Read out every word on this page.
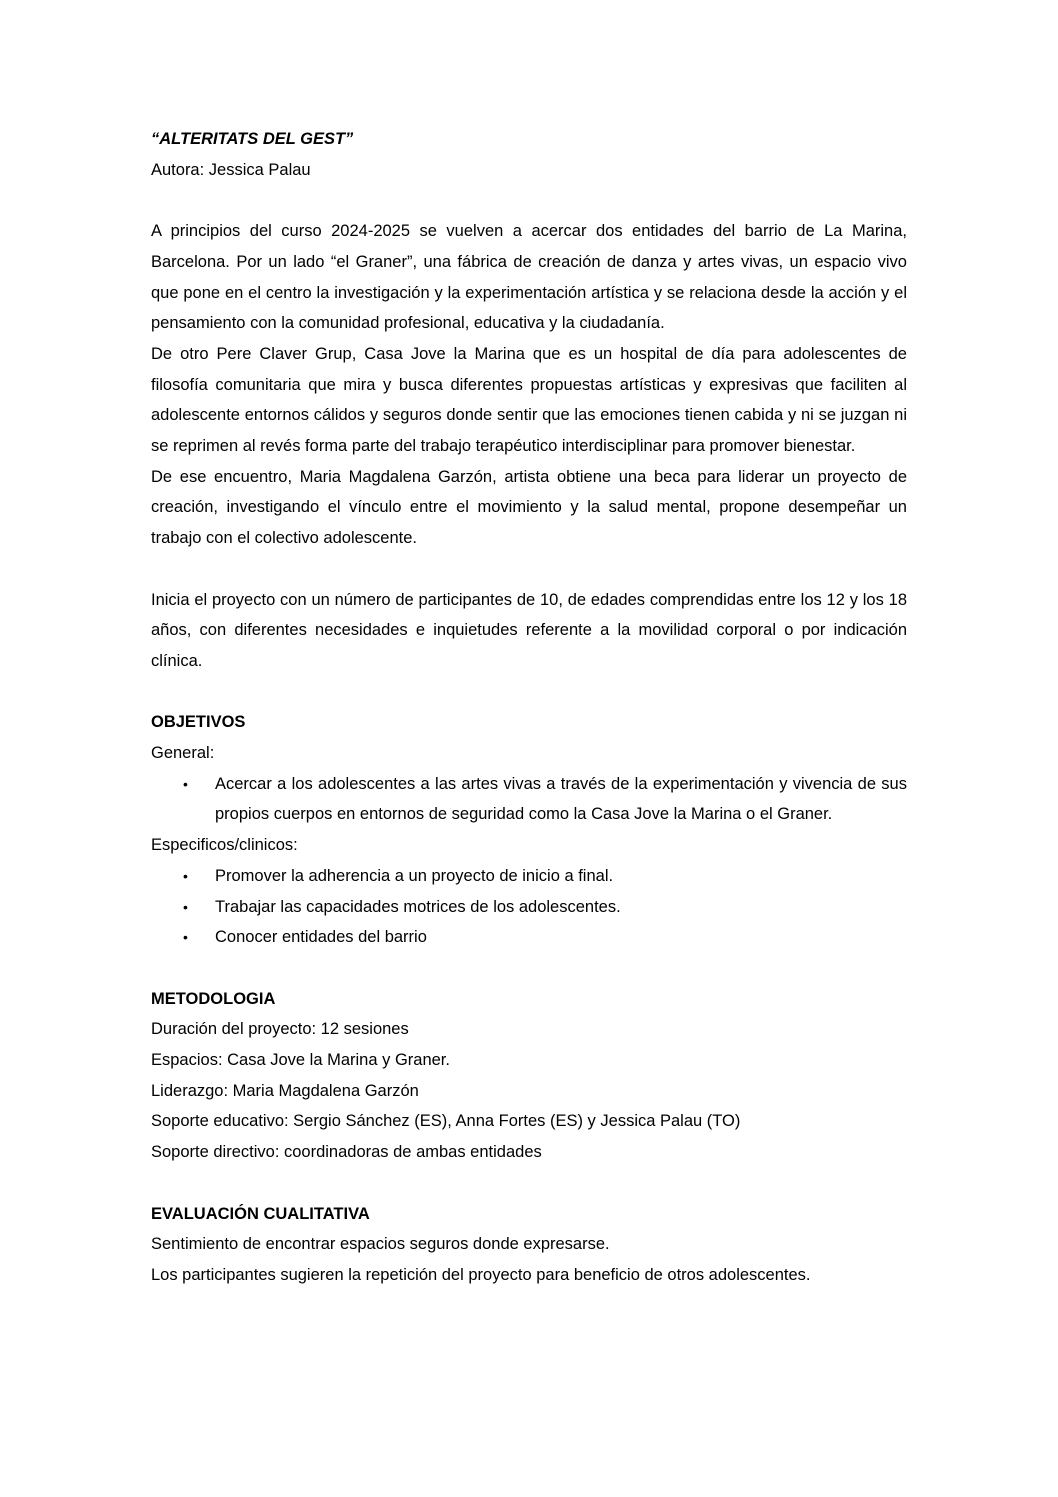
“ALTERITATS DEL GEST”

Autora: Jessica Palau

A principios del curso 2024-2025 se vuelven a acercar dos entidades del barrio de La Marina, Barcelona. Por un lado “el Graner”, una fábrica de creación de danza y artes vivas, un espacio vivo que pone en el centro la investigación y la experimentación artística y se relaciona desde la acción y el pensamiento con la comunidad profesional, educativa y la ciudadanía.

De otro Pere Claver Grup, Casa Jove la Marina que es un hospital de día para adolescentes de filosofía comunitaria que mira y busca diferentes propuestas artísticas y expresivas que faciliten al adolescente entornos cálidos y seguros donde sentir que las emociones tienen cabida y ni se juzgan ni se reprimen al revés forma parte del trabajo terapéutico interdisciplinar para promover bienestar.

De ese encuentro, Maria Magdalena Garzón, artista obtiene una beca para liderar un proyecto de creación, investigando el vínculo entre el movimiento y la salud mental, propone desempeñar un trabajo con el colectivo adolescente.

Inicia el proyecto con un número de participantes de 10, de edades comprendidas entre los 12 y los 18 años, con diferentes necesidades e inquietudes referente a la movilidad corporal o por indicación clínica.

OBJETIVOS

General:

• Acercar a los adolescentes a las artes vivas a través de la experimentación y vivencia de sus propios cuerpos en entornos de seguridad como la Casa Jove la Marina o el Graner.

Especificos/clinicos:

• Promover la adherencia a un proyecto de inicio a final.
• Trabajar las capacidades motrices de los adolescentes.
• Conocer entidades del barrio

METODOLOGIA

Duración del proyecto: 12 sesiones

Espacios: Casa Jove la Marina y Graner.

Liderazgo: Maria Magdalena Garzón

Soporte educativo: Sergio Sánchez (ES), Anna Fortes (ES) y Jessica Palau (TO)

Soporte directivo: coordinadoras de ambas entidades

EVALUACIÓN CUALITATIVA

Sentimiento de encontrar espacios seguros donde expresarse.

Los participantes sugieren la repetición del proyecto para beneficio de otros adolescentes.
